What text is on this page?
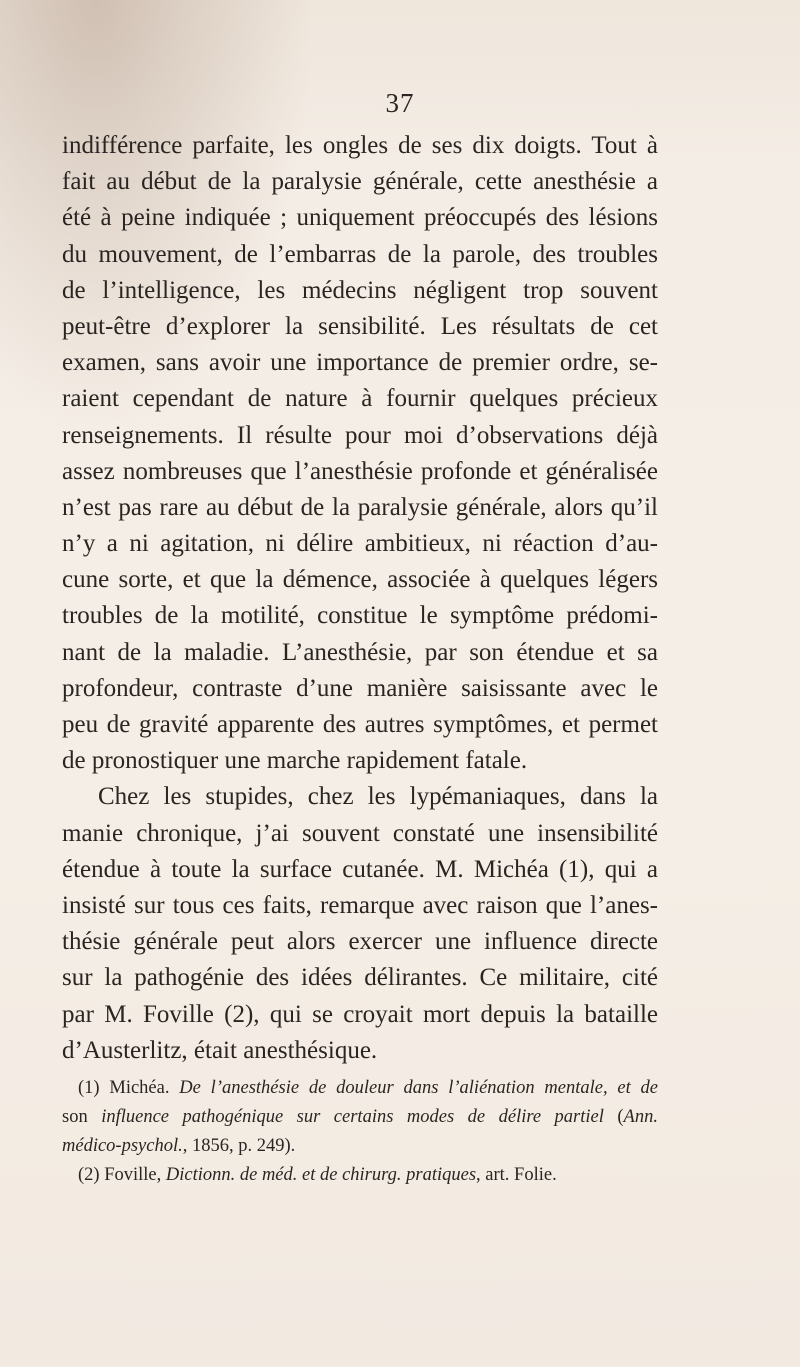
37
indifférence parfaite, les ongles de ses dix doigts. Tout à
fait au début de la paralysie générale, cette anesthésie a
été à peine indiquée ; uniquement préoccupés des lésions
du mouvement, de l’embarras de la parole, des troubles
de l’intelligence, les médecins négligent trop souvent
peut-être d’explorer la sensibilité. Les résultats de cet
examen, sans avoir une importance de premier ordre, se-
raient cependant de nature à fournir quelques précieux
renseignements. Il résulte pour moi d’observations déjà
assez nombreuses que l’anesthésie profonde et généralisée
n’est pas rare au début de la paralysie générale, alors qu’il
n’y a ni agitation, ni délire ambitieux, ni réaction d’au-
cune sorte, et que la démence, associée à quelques légers
troubles de la motilité, constitue le symptôme prédomi-
nant de la maladie. L’anesthésie, par son étendue et sa
profondeur, contraste d’une manière saisissante avec le
peu de gravité apparente des autres symptômes, et permet
de pronostiquer une marche rapidement fatale.
Chez les stupides, chez les lypémaniaques, dans la
manie chronique, j’ai souvent constaté une insensibilité
étendue à toute la surface cutanée. M. Michéa (1), qui a
insisté sur tous ces faits, remarque avec raison que l’anes-
thésie générale peut alors exercer une influence directe
sur la pathogénie des idées délirantes. Ce militaire, cité
par M. Foville (2), qui se croyait mort depuis la bataille
d’Austerlitz, était anesthésique.
(1) Michéa. De l’anesthésie de douleur dans l’aliénation mentale, et de
son influence pathogénique sur certains modes de délire partiel (Ann.
médico-psychol., 1856, p. 249).
(2) Foville, Dictionn. de méd. et de chirurg. pratiques, art. Folie.
